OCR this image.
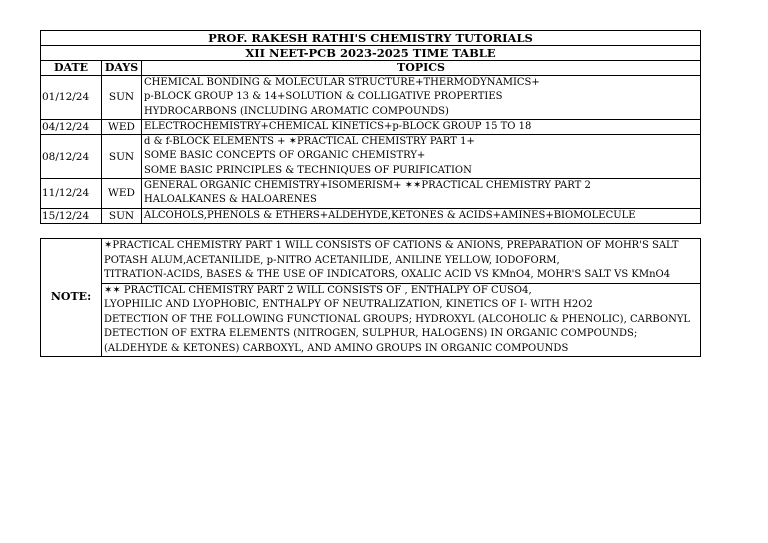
PROF. RAKESH RATHI'S CHEMISTRY TUTORIALS		
XII NEET-PCB 2023-2025 TIME TABLE		
DATE	DAYS	TOPICS
01/12/24	SUN	CHEMICAL BONDING & MOLECULAR STRUCTURE+THERMODYNAMICS+
p-BLOCK GROUP 13 & 14+SOLUTION & COLLIGATIVE PROPERTIES
HYDROCARBONS (INCLUDING AROMATIC COMPOUNDS)

04/12/24	WED	ELECTROCHEMISTRY+CHEMICAL KINETICS+p-BLOCK GROUP 15 TO 18

08/12/24	SUN	d & f-BLOCK ELEMENTS + ✶PRACTICAL CHEMISTRY PART 1+
SOME BASIC CONCEPTS OF ORGANIC CHEMISTRY+
SOME BASIC PRINCIPLES & TECHNIQUES OF PURIFICATION

11/12/24	WED	GENERAL ORGANIC CHEMISTRY+ISOMERISM+ ✶✶PRACTICAL CHEMISTRY PART 2
HALOALKANES & HALOARENES

15/12/24	SUN	ALCOHOLS,PHENOLS & ETHERS+ALDEHYDE,KETONES & ACIDS+AMINES+BIOMOLECULE
NOTE:	
✶PRACTICAL CHEMISTRY PART 1 WILL CONSISTS OF CATIONS & ANIONS, PREPARATION OF MOHR'S SALT
POTASH ALUM,ACETANILIDE, p-NITRO ACETANILIDE, ANILINE YELLOW, IODOFORM,
TITRATION-ACIDS, BASES & THE USE OF INDICATORS, OXALIC ACID VS KMnO4, MOHR'S SALT VS KMnO4

✶✶ PRACTICAL CHEMISTRY PART 2 WILL CONSISTS OF , ENTHALPY OF CUSO4,
LYOPHILIC AND LYOPHOBIC, ENTHALPY OF NEUTRALIZATION, KINETICS OF I- WITH H2O2
DETECTION OF THE FOLLOWING FUNCTIONAL GROUPS; HYDROXYL (ALCOHOLIC & PHENOLIC), CARBONYL
DETECTION OF EXTRA ELEMENTS (NITROGEN, SULPHUR, HALOGENS) IN ORGANIC COMPOUNDS;
(ALDEHYDE & KETONES) CARBOXYL, AND AMINO GROUPS IN ORGANIC COMPOUNDS
